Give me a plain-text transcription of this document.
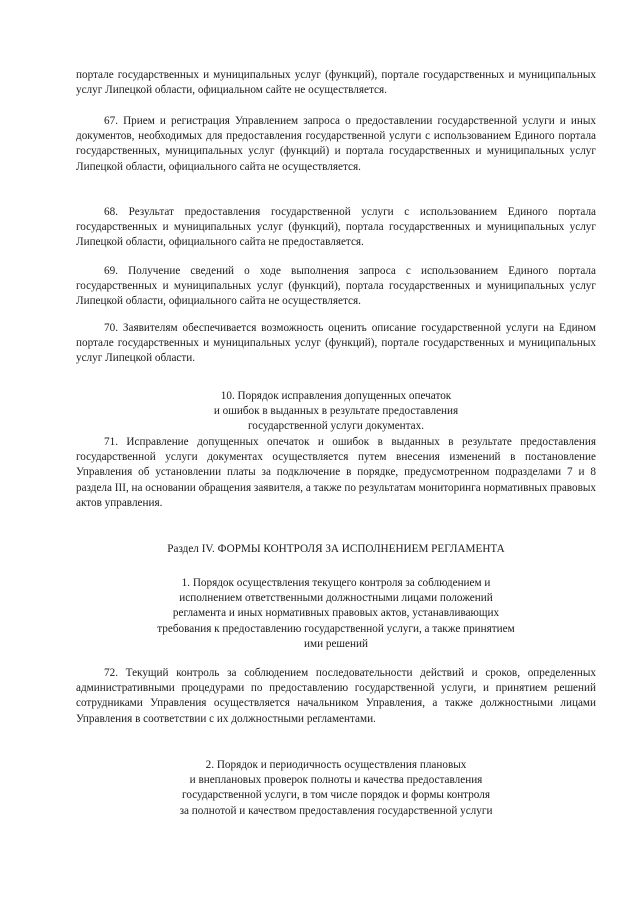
портале государственных и муниципальных услуг (функций), портале государственных и муниципальных услуг Липецкой области, официальном сайте не осуществляется.

67. Прием и регистрация Управлением запроса о предоставлении государственной услуги и иных документов, необходимых для предоставления государственной услуги с использованием Единого портала государственных, муниципальных услуг (функций) и портала государственных и муниципальных услуг Липецкой области, официального сайта не осуществляется.

68. Результат предоставления государственной услуги с использованием Единого портала государственных и муниципальных услуг (функций), портала государственных и муниципальных услуг Липецкой области, официального сайта не предоставляется.

69. Получение сведений о ходе выполнения запроса с использованием Единого портала государственных и муниципальных услуг (функций), портала государственных и муниципальных услуг Липецкой области, официального сайта не осуществляется.

70. Заявителям обеспечивается возможность оценить описание государственной услуги на Едином портале государственных и муниципальных услуг (функций), портале государственных и муниципальных услуг Липецкой области.

10. Порядок исправления допущенных опечаток
и ошибок в выданных в результате предоставления
государственной услуги документах.

71. Исправление допущенных опечаток и ошибок в выданных в результате предоставления государственной услуги документах осуществляется путем внесения изменений в постановление Управления об установлении платы за подключение в порядке, предусмотренном подразделами 7 и 8 раздела III, на основании обращения заявителя, а также по результатам мониторинга нормативных правовых актов управления.

Раздел IV. ФОРМЫ КОНТРОЛЯ ЗА ИСПОЛНЕНИЕМ РЕГЛАМЕНТА
1. Порядок осуществления текущего контроля за соблюдением и
исполнением ответственными должностными лицами положений
регламента и иных нормативных правовых актов, устанавливающих
требования к предоставлению государственной услуги, а также принятием
ими решений

72. Текущий контроль за соблюдением последовательности действий и сроков, определенных административными процедурами по предоставлению государственной услуги, и принятием решений сотрудниками Управления осуществляется начальником Управления, а также должностными лицами Управления в соответствии с их должностными регламентами.

2. Порядок и периодичность осуществления плановых
и внеплановых проверок полноты и качества предоставления
государственной услуги, в том числе порядок и формы контроля
за полнотой и качеством предоставления государственной услуги
